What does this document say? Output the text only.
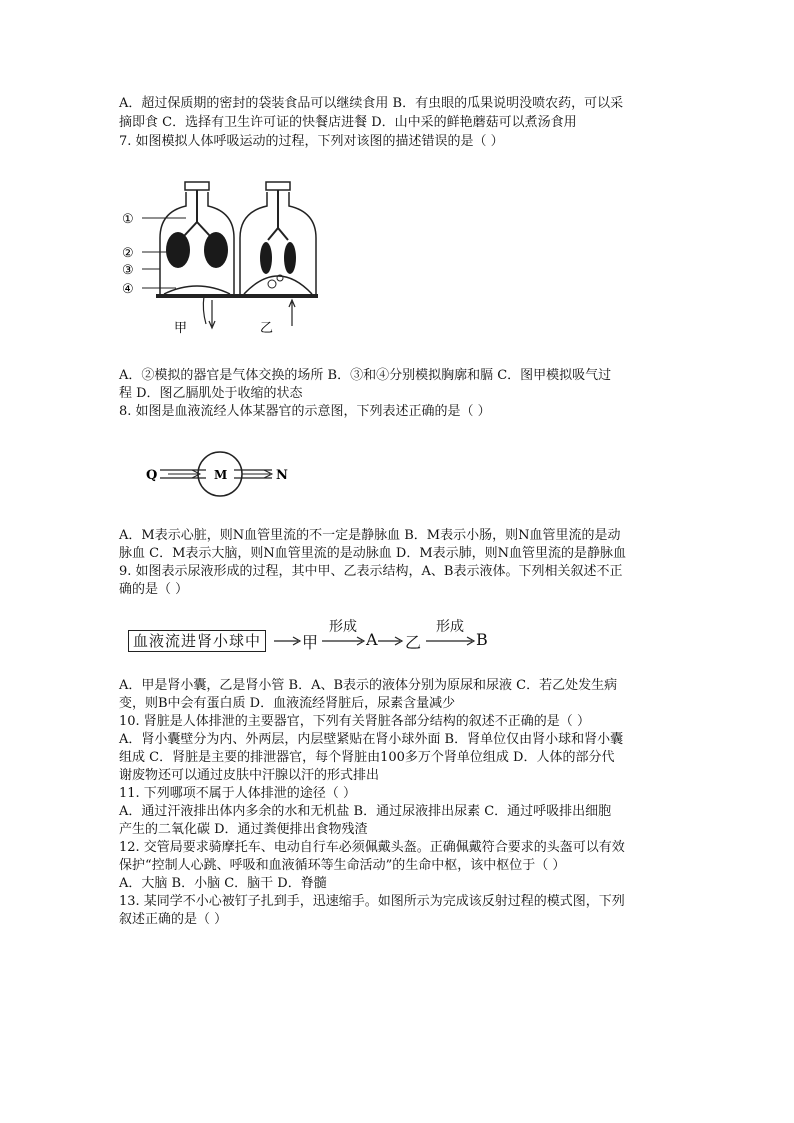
A．超过保质期的密封的袋装食品可以继续食用 B．有虫眼的瓜果说明没喷农药，可以采
摘即食 C．选择有卫生许可证的快餐店进餐 D．山中采的鲜艳蘑菇可以煮汤食用
7. 如图模拟人体呼吸运动的过程，下列对该图的描述错误的是（ ）
①
②
③
④
甲	乙
A．②模拟的器官是气体交换的场所 B．③和④分别模拟胸廓和膈 C．图甲模拟吸气过
程 D．图乙膈肌处于收缩的状态
8. 如图是血液流经人体某器官的示意图，下列表述正确的是（ ）
Q	M	N
A．M表示心脏，则N血管里流的不一定是静脉血 B．M表示小肠，则N血管里流的是动
脉血 C．M表示大脑，则N血管里流的是动脉血 D．M表示肺，则N血管里流的是静脉血
9. 如图表示尿液形成的过程，其中甲、乙表示结构，A、B表示液体。下列相关叙述不正
确的是（ ）
血液流进肾小球中	甲
形成
A 乙
形成
B
A．甲是肾小囊，乙是肾小管 B．A、B表示的液体分别为原尿和尿液 C．若乙处发生病
变，则B中会有蛋白质 D．血液流经肾脏后，尿素含量减少
10. 肾脏是人体排泄的主要器官，下列有关肾脏各部分结构的叙述不正确的是（ ）
A．肾小囊壁分为内、外两层，内层壁紧贴在肾小球外面 B．肾单位仅由肾小球和肾小囊
组成 C．肾脏是主要的排泄器官，每个肾脏由100多万个肾单位组成 D．人体的部分代
谢废物还可以通过皮肤中汗腺以汗的形式排出
11. 下列哪项不属于人体排泄的途径（ ）
A．通过汗液排出体内多余的水和无机盐 B．通过尿液排出尿素 C．通过呼吸排出细胞
产生的二氧化碳 D．通过粪便排出食物残渣
12. 交管局要求骑摩托车、电动自行车必须佩戴头盔。正确佩戴符合要求的头盔可以有效
保护“控制人心跳、呼吸和血液循环等生命活动”的生命中枢，该中枢位于（ ）
A．大脑 B．小脑 C．脑干 D．脊髓
13. 某同学不小心被钉子扎到手，迅速缩手。如图所示为完成该反射过程的模式图，下列
叙述正确的是（ ）
